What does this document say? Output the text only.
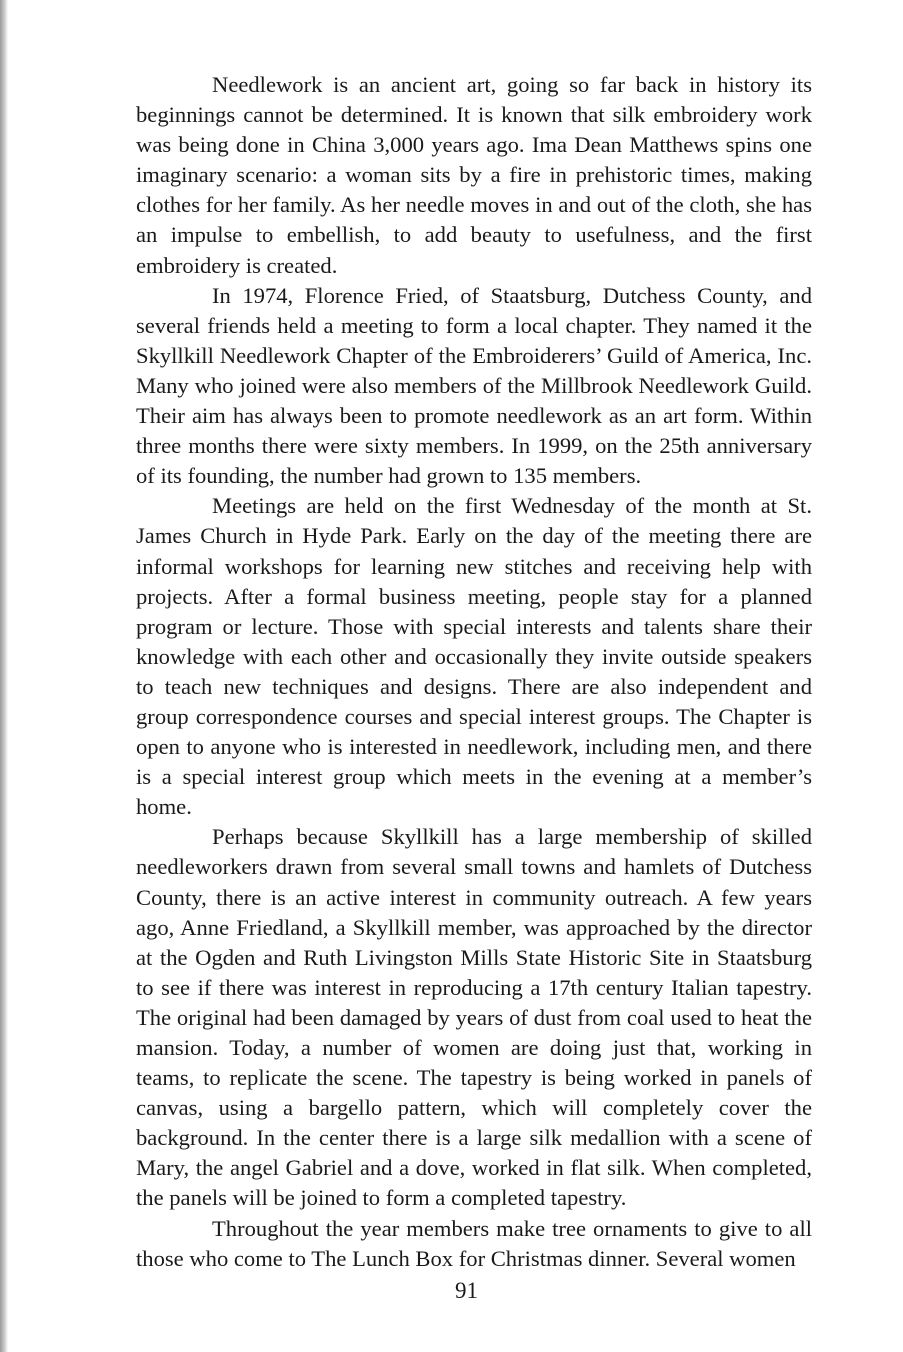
Needlework is an ancient art, going so far back in history its beginnings cannot be determined. It is known that silk embroidery work was being done in China 3,000 years ago. Ima Dean Matthews spins one imaginary scenario: a woman sits by a fire in prehistoric times, making clothes for her family. As her needle moves in and out of the cloth, she has an impulse to embellish, to add beauty to usefulness, and the first embroidery is created.

In 1974, Florence Fried, of Staatsburg, Dutchess County, and several friends held a meeting to form a local chapter. They named it the Skyllkill Needlework Chapter of the Embroiderers’ Guild of America, Inc. Many who joined were also members of the Millbrook Needlework Guild. Their aim has always been to promote needlework as an art form. Within three months there were sixty members. In 1999, on the 25th anniversary of its founding, the number had grown to 135 members.

Meetings are held on the first Wednesday of the month at St. James Church in Hyde Park. Early on the day of the meeting there are informal workshops for learning new stitches and receiving help with projects. After a formal business meeting, people stay for a planned program or lecture. Those with special interests and talents share their knowledge with each other and occasionally they invite outside speakers to teach new techniques and designs. There are also independent and group correspondence courses and special interest groups. The Chapter is open to anyone who is interested in needlework, including men, and there is a special interest group which meets in the evening at a member’s home.

Perhaps because Skyllkill has a large membership of skilled needleworkers drawn from several small towns and hamlets of Dutchess County, there is an active interest in community outreach. A few years ago, Anne Friedland, a Skyllkill member, was approached by the director at the Ogden and Ruth Livingston Mills State Historic Site in Staatsburg to see if there was interest in reproducing a 17th century Italian tapestry. The original had been damaged by years of dust from coal used to heat the mansion. Today, a number of women are doing just that, working in teams, to replicate the scene. The tapestry is being worked in panels of canvas, using a bargello pattern, which will completely cover the background. In the center there is a large silk medallion with a scene of Mary, the angel Gabriel and a dove, worked in flat silk. When completed, the panels will be joined to form a completed tapestry.

Throughout the year members make tree ornaments to give to all those who come to The Lunch Box for Christmas dinner. Several women

91
